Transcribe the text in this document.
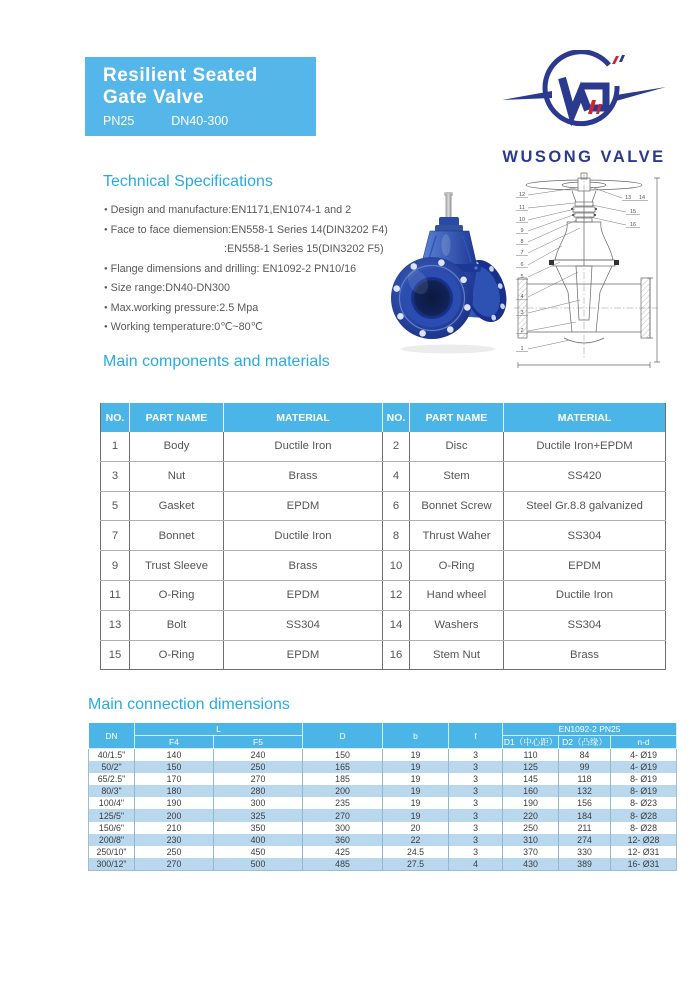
Resilient Seated
Gate Valve
PN25	DN40-300
WUSONG VALVE
Technical Specifications
● Design and manufacture:EN1171,EN1074-1 and 2
● Face to face diemension:EN558-1 Series 14(DIN3202 F4)
:EN558-1 Series 15(DIN3202 F5)
● Flange dimensions and drilling: EN1092-2 PN10/16
● Size range:DN40-DN300
● Max.working pressure:2.5 Mpa
● Working temperature:0℃~80℃
12
11
10
9
8
7
6
5
4
3
2
1
13 14
15
16
Main components and materials
NO.	PART NAME	MATERIAL	NO.	PART NAME	MATERIAL
1	Body	Ductile Iron	2	Disc	Ductile Iron+EPDM
3	Nut	Brass	4	Stem	SS420
5	Gasket	EPDM	6	Bonnet Screw	Steel Gr.8.8 galvanized
7	Bonnet	Ductile Iron	8	Thrust Waher	SS304
9	Trust Sleeve	Brass	10	O-Ring	EPDM
11	O-Ring	EPDM	12	Hand wheel	Ductile Iron
13	Bolt	SS304	14	Washers	SS304
15	O-Ring	EPDM	16	Stem Nut	Brass
Main connection dimensions
DN	L		D	b	f	EN1092-2 PN25		
	F4	F5				D1（中心距）	D2（凸缘）	n-d
40/1.5"	140	240	150	19	3	110	84	4- Ø19
50/2"	150	250	165	19	3	125	99	4- Ø19
65/2.5"	170	270	185	19	3	145	118	8- Ø19
80/3"	180	280	200	19	3	160	132	8- Ø19
100/4"	190	300	235	19	3	190	156	8- Ø23
125/5"	200	325	270	19	3	220	184	8- Ø28
150/6"	210	350	300	20	3	250	211	8- Ø28
200/8"	230	400	360	22	3	310	274	12- Ø28
250/10"	250	450	425	24.5	3	370	330	12- Ø31
300/12"	270	500	485	27.5	4	430	389	16- Ø31
